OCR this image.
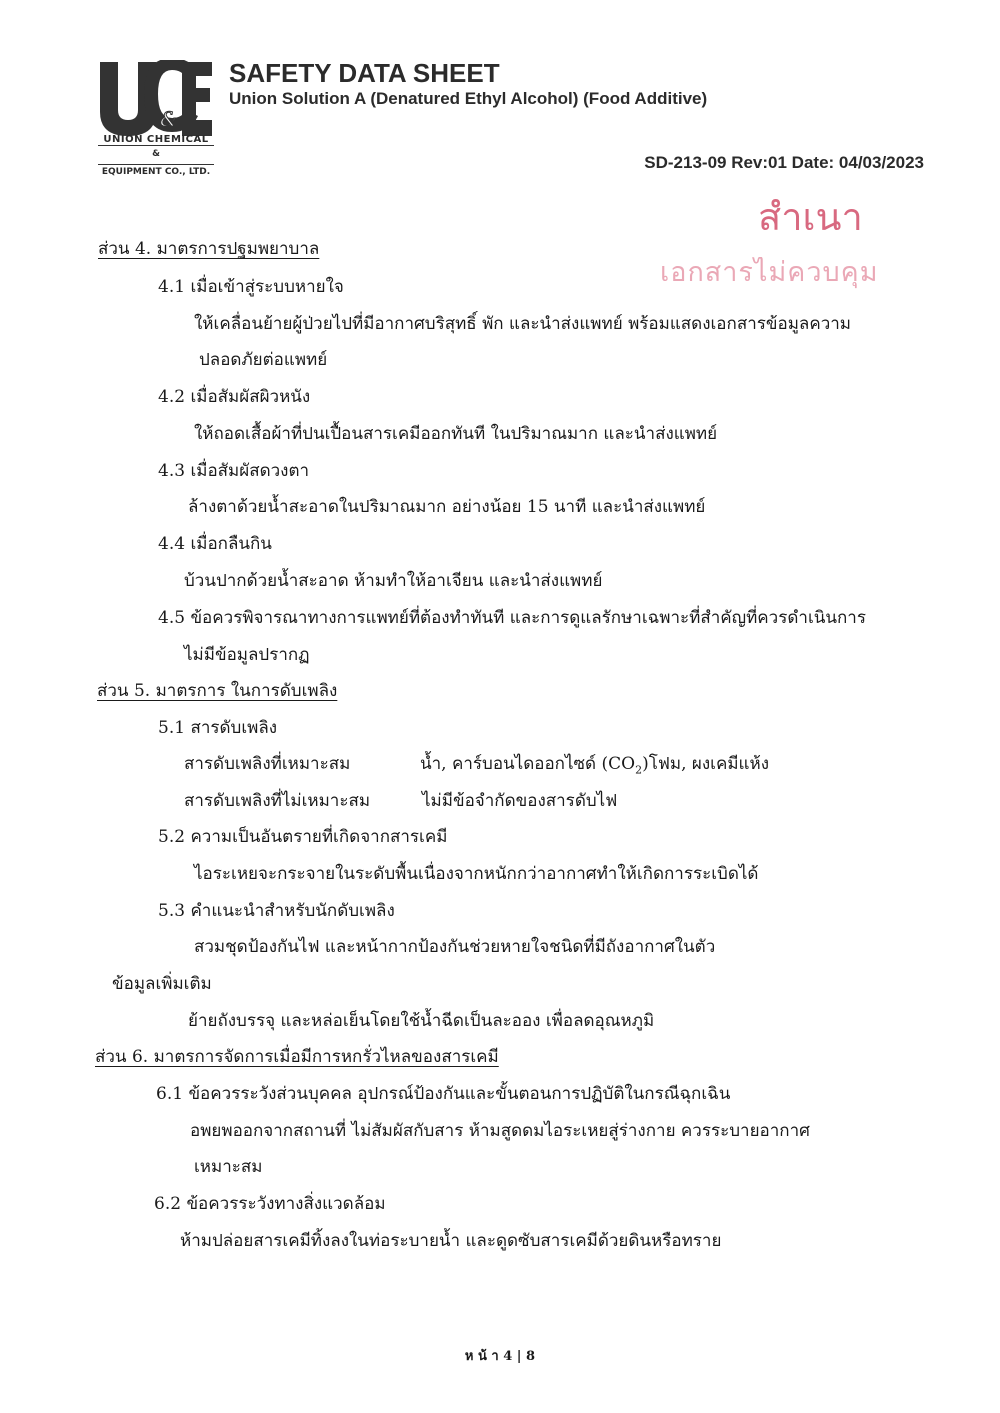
&
UNION CHEMICAL
&
EQUIPMENT CO., LTD.
SAFETY DATA SHEET
Union Solution A (Denatured Ethyl Alcohol) (Food Additive)
SD-213-09 Rev:01 Date: 04/03/2023
สำเนา
เอกสารไม่ควบคุม
ส่วน 4. มาตรการปฐมพยาบาล
4.1 เมื่อเข้าสู่ระบบหายใจ
ให้เคลื่อนย้ายผู้ป่วยไปที่มีอากาศบริสุทธิ์ พัก และนำส่งแพทย์ พร้อมแสดงเอกสารข้อมูลความ
ปลอดภัยต่อแพทย์
4.2 เมื่อสัมผัสผิวหนัง
ให้ถอดเสื้อผ้าที่ปนเปื้อนสารเคมีออกทันที ในปริมาณมาก และนำส่งแพทย์
4.3 เมื่อสัมผัสดวงตา
ล้างตาด้วยน้ำสะอาดในปริมาณมาก อย่างน้อย 15 นาที และนำส่งแพทย์
4.4 เมื่อกลืนกิน
บ้วนปากด้วยน้ำสะอาด ห้ามทำให้อาเจียน และนำส่งแพทย์
4.5 ข้อควรพิจารณาทางการแพทย์ที่ต้องทำทันที และการดูแลรักษาเฉพาะที่สำคัญที่ควรดำเนินการ
ไม่มีข้อมูลปรากฏ
ส่วน 5. มาตรการ ในการดับเพลิง
5.1 สารดับเพลิง
สารดับเพลิงที่เหมาะสม	น้ำ, คาร์บอนไดออกไซด์ $(CO_2)$โฟม, ผงเคมีแห้ง
สารดับเพลิงที่ไม่เหมาะสม	ไม่มีข้อจำกัดของสารดับไฟ
5.2 ความเป็นอันตรายที่เกิดจากสารเคมี
ไอระเหยจะกระจายในระดับพื้นเนื่องจากหนักกว่าอากาศทำให้เกิดการระเบิดได้
5.3 คำแนะนำสำหรับนักดับเพลิง
สวมชุดป้องกันไฟ และหน้ากากป้องกันช่วยหายใจชนิดที่มีถังอากาศในตัว
ข้อมูลเพิ่มเติม
ย้ายถังบรรจุ และหล่อเย็นโดยใช้น้ำฉีดเป็นละออง เพื่อลดอุณหภูมิ
ส่วน 6. มาตรการจัดการเมื่อมีการหกรั่วไหลของสารเคมี
6.1 ข้อควรระวังส่วนบุคคล อุปกรณ์ป้องกันและขั้นตอนการปฏิบัติในกรณีฉุกเฉิน
อพยพออกจากสถานที่ ไม่สัมผัสกับสาร ห้ามสูดดมไอระเหยสู่ร่างกาย ควรระบายอากาศ
เหมาะสม
6.2 ข้อควรระวังทางสิ่งแวดล้อม
ห้ามปล่อยสารเคมีทิ้งลงในท่อระบายน้ำ และดูดซับสารเคมีด้วยดินหรือทราย
ห น้ า 4 | 8
